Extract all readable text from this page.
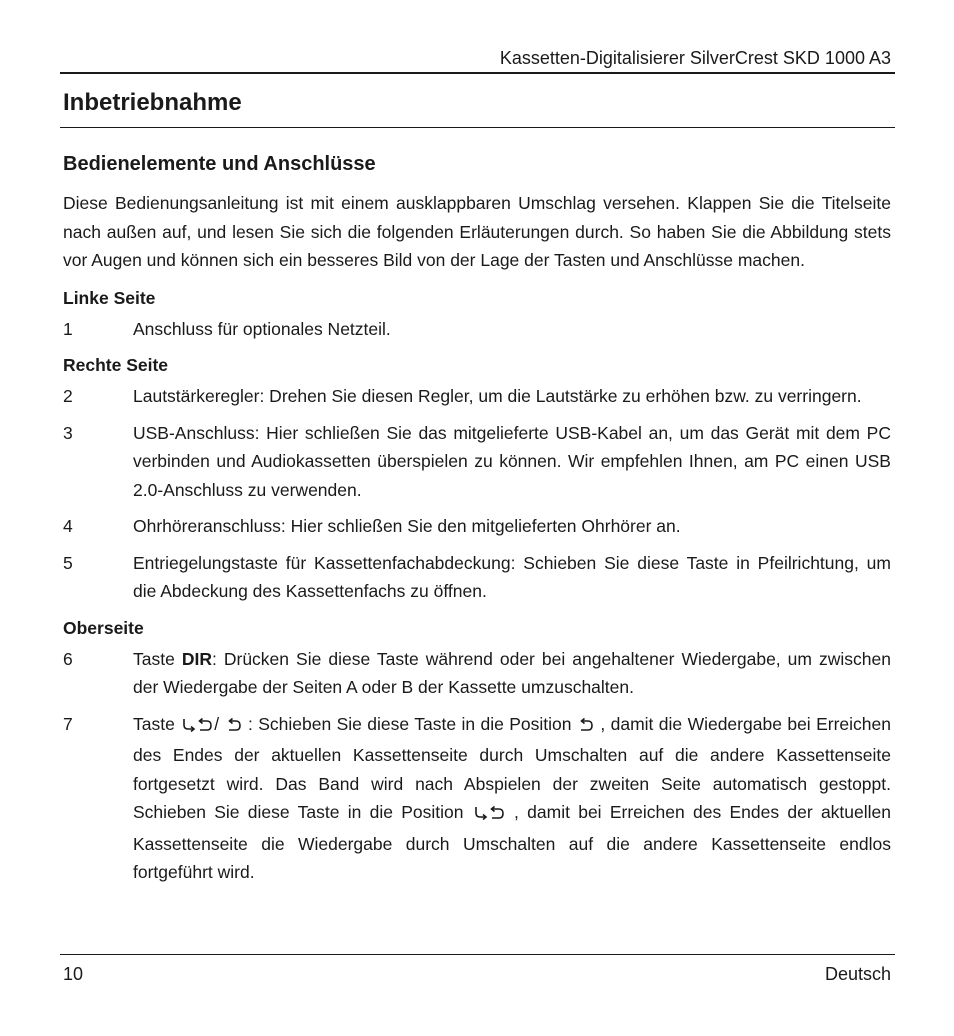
Kassetten-Digitalisierer SilverCrest SKD 1000 A3
Inbetriebnahme
Bedienelemente und Anschlüsse

Diese Bedienungsanleitung ist mit einem ausklappbaren Umschlag versehen. Klappen Sie die Titelseite nach außen auf, und lesen Sie sich die folgenden Erläuterungen durch. So haben Sie die Abbildung stets vor Augen und können sich ein besseres Bild von der Lage der Tasten und Anschlüsse machen.

Linke Seite
1	Anschluss für optionales Netzteil.
Rechte Seite
2	Lautstärkeregler: Drehen Sie diesen Regler, um die Lautstärke zu erhöhen bzw. zu verringern.
3	USB-Anschluss: Hier schließen Sie das mitgelieferte USB-Kabel an, um das Gerät mit dem PC verbinden und Audiokassetten überspielen zu können. Wir empfehlen Ihnen, am PC einen USB 2.0-Anschluss zu verwenden.
4	Ohrhöreranschluss: Hier schließen Sie den mitgelieferten Ohrhörer an.
5	Entriegelungstaste für Kassettenfachabdeckung: Schieben Sie diese Taste in Pfeilrichtung, um die Abdeckung des Kassettenfachs zu öffnen.
Oberseite
6	Taste DIR: Drücken Sie diese Taste während oder bei angehaltener Wiedergabe, um zwischen der Wiedergabe der Seiten A oder B der Kassette umzuschalten.
7	Taste /  : Schieben Sie diese Taste in die Position  , damit die Wiedergabe bei Erreichen des Endes der aktuellen Kassettenseite durch Umschalten auf die andere Kassettenseite fortgesetzt wird. Das Band wird nach Abspielen der zweiten Seite automatisch gestoppt. Schieben Sie diese Taste in die Position  , damit bei Erreichen des Endes der aktuellen Kassettenseite die Wiedergabe durch Umschalten auf die andere Kassettenseite endlos fortgeführt wird.
10	Deutsch
